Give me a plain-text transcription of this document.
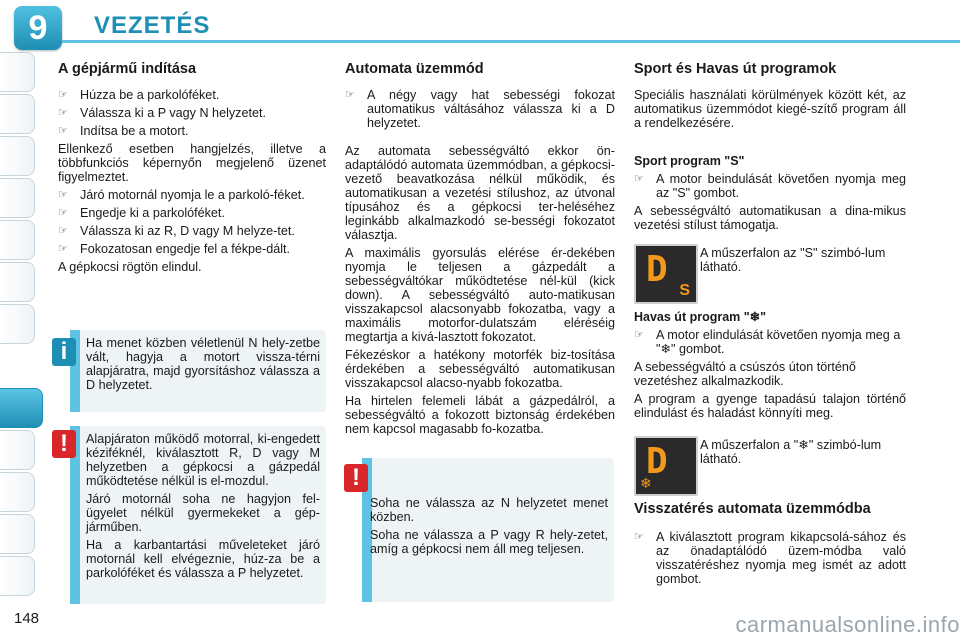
9	VEZETÉS
A gépjármű indítása
☞ Húzza be a parkolóféket.
☞ Válassza ki a P vagy N helyzetet.
☞ Indítsa be a motort.

Ellenkező esetben hangjelzés, illetve a többfunkciós képernyőn megjelenő üzenet figyelmeztet.

☞ Járó motornál nyomja le a parkoló-féket.
☞ Engedje ki a parkolóféket.
☞ Válassza ki az R, D vagy M helyze-tet.
☞ Fokozatosan engedje fel a fékpe-dált.

A gépkocsi rögtön elindul.

Ha menet közben véletlenül N hely-zetbe vált, hagyja a motort vissza-térni alapjáratra, majd gyorsításhoz válassza a D helyzetet.

i

Alapjáraton működő motorral, ki-engedett kéziféknél, kiválasztott R, D vagy M helyzetben a gépkocsi a gázpedál működtetése nélkül is el-mozdul.

Járó motornál soha ne hagyjon fel-ügyelet nélkül gyermekeket a gép-járműben.

Ha a karbantartási műveleteket járó motornál kell elvégeznie, húz-za be a parkolóféket és válassza a P helyzetet.

!
Automata üzemmód
☞ A négy vagy hat sebességi fokozat automatikus váltásához válassza ki a D helyzetet.

Az automata sebességváltó ekkor ön-adaptálódó automata üzemmódban, a gépkocsi-vezető beavatkozása nélkül működik, és automatikusan a vezetési stílushoz, az útvonal típusához és a gépkocsi ter-heléséhez leginkább alkalmazkodó se-bességi fokozatot választja.

A maximális gyorsulás elérése ér-dekében nyomja le teljesen a gázpedált a sebességváltókar működtetése nél-kül (kick down). A sebességváltó auto-matikusan visszakapcsol alacsonyabb fokozatba, vagy a maximális motorfor-dulatszám eléréséig megtartja a kivá-lasztott fokozatot.

Fékezéskor a hatékony motorfék biz-tosítása érdekében a sebességváltó automatikusan visszakapcsol alacso-nyabb fokozatba.

Ha hirtelen felemeli lábát a gázpedálról, a sebességváltó a fokozott biztonság érdekében nem kapcsol magasabb fo-kozatba.

Soha ne válassza az N helyzetet menet közben.

Soha ne válassza a P vagy R hely-zetet, amíg a gépkocsi nem áll meg teljesen.

!
Sport és Havas út programok

Speciális használati körülmények között két, az automatikus üzemmódot kiegé-szítő program áll a rendelkezésére.

Sport program "S"
☞ A motor beindulását követően nyomja meg az "S" gombot.

A sebességváltó automatikusan a dina-mikus vezetési stílust támogatja.

D
S

A műszerfalon az "S" szimbó-lum látható.

Havas út program "❄"
☞ A motor elindulását követően nyomja meg a "❄" gombot.

A sebességváltó a csúszós úton történő vezetéshez alkalmazkodik.

A program a gyenge tapadású talajon történő elindulást és haladást könnyíti meg.

D
❄

A műszerfalon a "❄" szimbó-lum látható.

Visszatérés automata üzemmódba
☞ A kiválasztott program kikapcsolá-sához és az önadaptálódó üzem-módba való visszatéréshez nyomja meg ismét az adott gombot.
148	carmanualsonline.info
